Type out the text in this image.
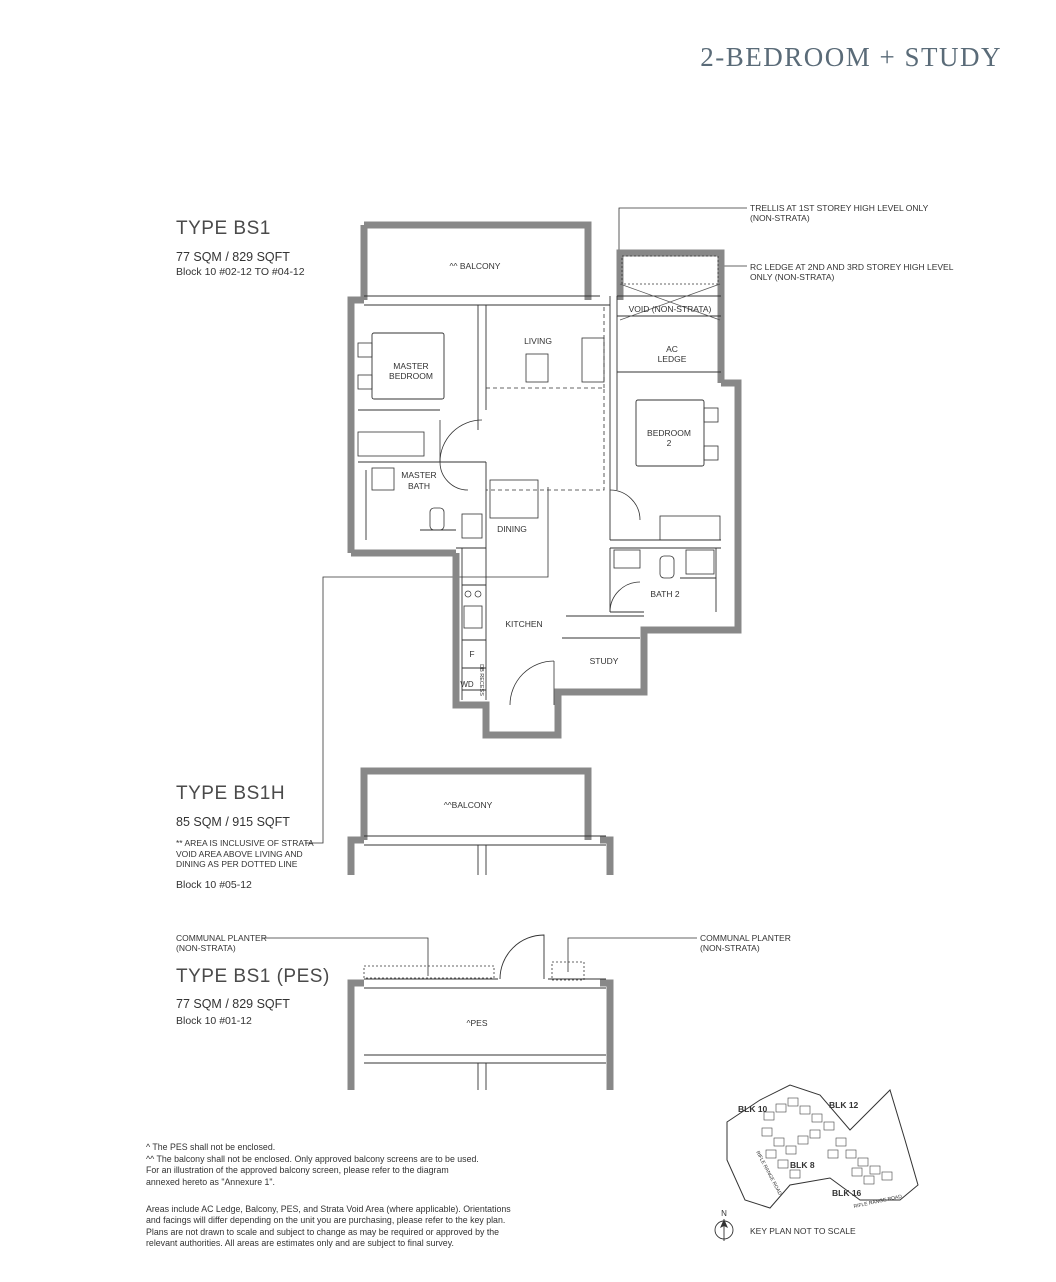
2-BEDROOM + STUDY
TYPE BS1
77 SQM / 829 SQFT
Block 10 #02-12 TO #04-12
TYPE BS1H
85 SQM / 915 SQFT
** AREA IS INCLUSIVE OF STRATA
VOID AREA ABOVE LIVING AND
DINING AS PER DOTTED LINE
Block 10 #05-12
TYPE BS1 (PES)
77 SQM / 829 SQFT
Block 10 #01-12
TRELLIS AT 1ST STOREY HIGH LEVEL ONLY
(NON-STRATA)
RC LEDGE AT 2ND AND 3RD STOREY HIGH LEVEL
ONLY (NON-STRATA)
COMMUNAL PLANTER
(NON-STRATA)
COMMUNAL PLANTER
(NON-STRATA)
^^ BALCONY
VOID (NON-STRATA)
LIVING
AC
LEDGE
MASTER
BEDROOM
BEDROOM
2
MASTER
BATH
DINING
KITCHEN
BATH 2
STUDY
F
WD DB RECESS
^^BALCONY
^PES
BLK 10	BLK 12
BLK 8
BLK 16
RIFLE RANGE ROAD
RIFLE RANGE ROAD
N
KEY PLAN NOT TO SCALE
^ The PES shall not be enclosed.
^^ The balcony shall not be enclosed. Only approved balcony screens are to be used.
For an illustration of the approved balcony screen, please refer to the diagram
annexed hereto as "Annexure 1".
Areas include AC Ledge, Balcony, PES, and Strata Void Area (where applicable). Orientations
and facings will differ depending on the unit you are purchasing, please refer to the key plan.
Plans are not drawn to scale and subject to change as may be required or approved by the
relevant authorities. All areas are estimates only and are subject to final survey.
